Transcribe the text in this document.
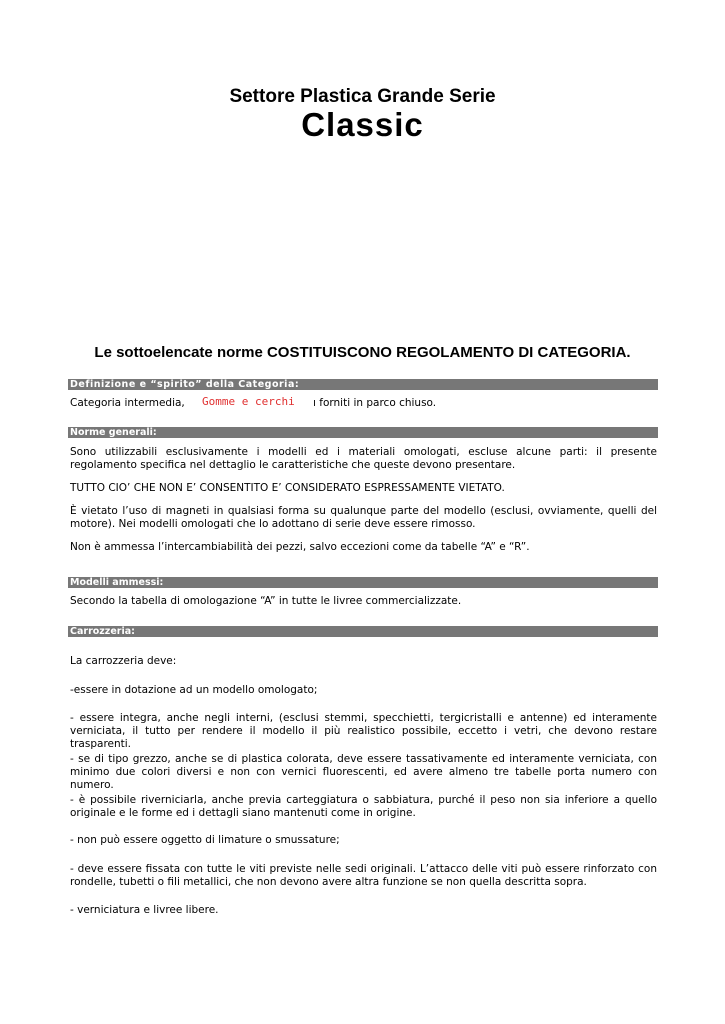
Settore Plastica Grande Serie
Classic
Le sottoelencate norme COSTITUISCONO REGOLAMENTO DI CATEGORIA.
Definizione e “spirito” della Categoria:
Categoria intermedia,	Gomme e cerchi	ı forniti in parco chiuso.
Norme generali:
Sono utilizzabili esclusivamente i modelli ed i materiali omologati, escluse alcune parti: il presente regolamento specifica nel dettaglio le caratteristiche che queste devono presentare.
TUTTO CIO’ CHE NON E’ CONSENTITO E’ CONSIDERATO ESPRESSAMENTE VIETATO.
È vietato l’uso di magneti in qualsiasi forma su qualunque parte del modello (esclusi, ovviamente, quelli del motore). Nei modelli omologati che lo adottano di serie deve essere rimosso.
Non è ammessa l’intercambiabilità dei pezzi, salvo eccezioni come da tabelle “A” e “R”.
Modelli ammessi:
Secondo la tabella di omologazione “A” in tutte le livree commercializzate.
Carrozzeria:
La carrozzeria deve:
-essere in dotazione ad un modello omologato;
- essere integra, anche negli interni, (esclusi stemmi, specchietti, tergicristalli e antenne) ed interamente verniciata, il tutto per rendere il modello il più realistico possibile, eccetto i vetri, che devono restare trasparenti.
- se di tipo grezzo, anche se di plastica colorata, deve essere tassativamente ed interamente verniciata, con minimo due colori diversi e non con vernici fluorescenti, ed avere almeno tre tabelle porta numero con numero.
- è possibile riverniciarla, anche previa carteggiatura o sabbiatura, purché il peso non sia inferiore a quello originale e le forme ed i dettagli siano mantenuti come in origine.
- non può essere oggetto di limature o smussature;
- deve essere fissata con tutte le viti previste nelle sedi originali. L’attacco delle viti può essere rinforzato con rondelle, tubetti o fili metallici, che non devono avere altra funzione se non quella descritta sopra.
- verniciatura e livree libere.
